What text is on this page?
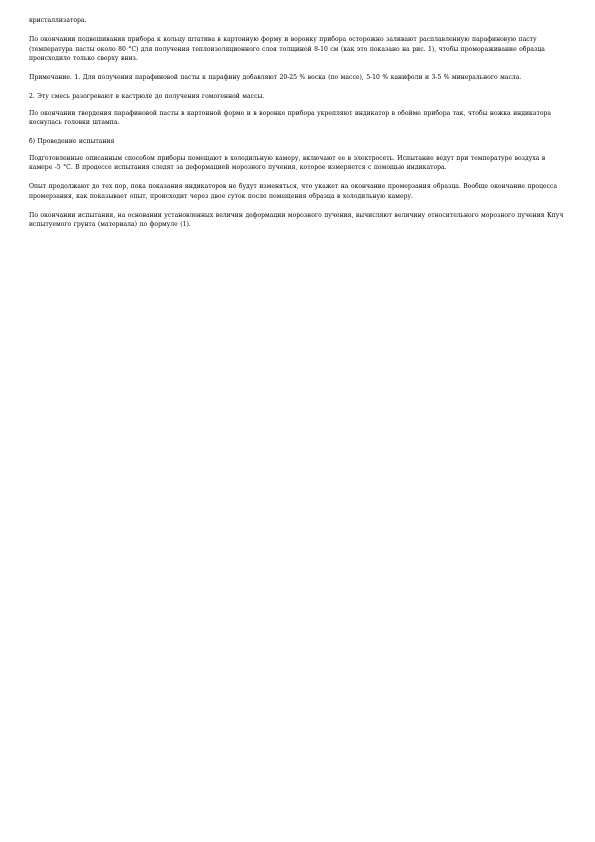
кристаллизатора.

По окончании подвешивания прибора к кольцу штатива в картонную форму и воронку прибора осторожно заливают расплавленную парафиновую пасту (температура пасты около 80 °С) для получения теплоизоляционного слоя толщиной 8-10 см (как это показано на рис. 1), чтобы промораживание образца происходило только сверху вниз.

Примечание. 1. Для получения парафиновой пасты к парафину добавляют 20-25 % воска (по массе), 5-10 % канифоли и 3-5 % минерального масла.

2. Эту смесь разогревают в кастрюле до получения гомогенной массы.

По окончании твердения парафиновой пасты в картонной форме и в воронке прибора укрепляют индикатор в обойме прибора так, чтобы ножка индикатора коснулась головки штампа.

б) Проведение испытания

Подготовленные описанным способом приборы помещают в холодильную камеру, включают ее в электросеть. Испытание ведут при температуре воздуха в камере -5 °С. В процессе испытания следят за деформацией морозного пучения, которое измеряется с помощью индикатора.

Опыт продолжают до тех пор, пока показания индикаторов не будут изменяться, что укажет на окончание промерзания образца. Вообще окончание процесса промерзания, как показывает опыт, происходит через двое суток после помещения образца в холодильную камеру.

По окончании испытания, на основании установленных величин деформации морозного пучения, вычисляют величину относительного морозного пучения Кпуч испытуемого грунта (материала) по формуле (1).
